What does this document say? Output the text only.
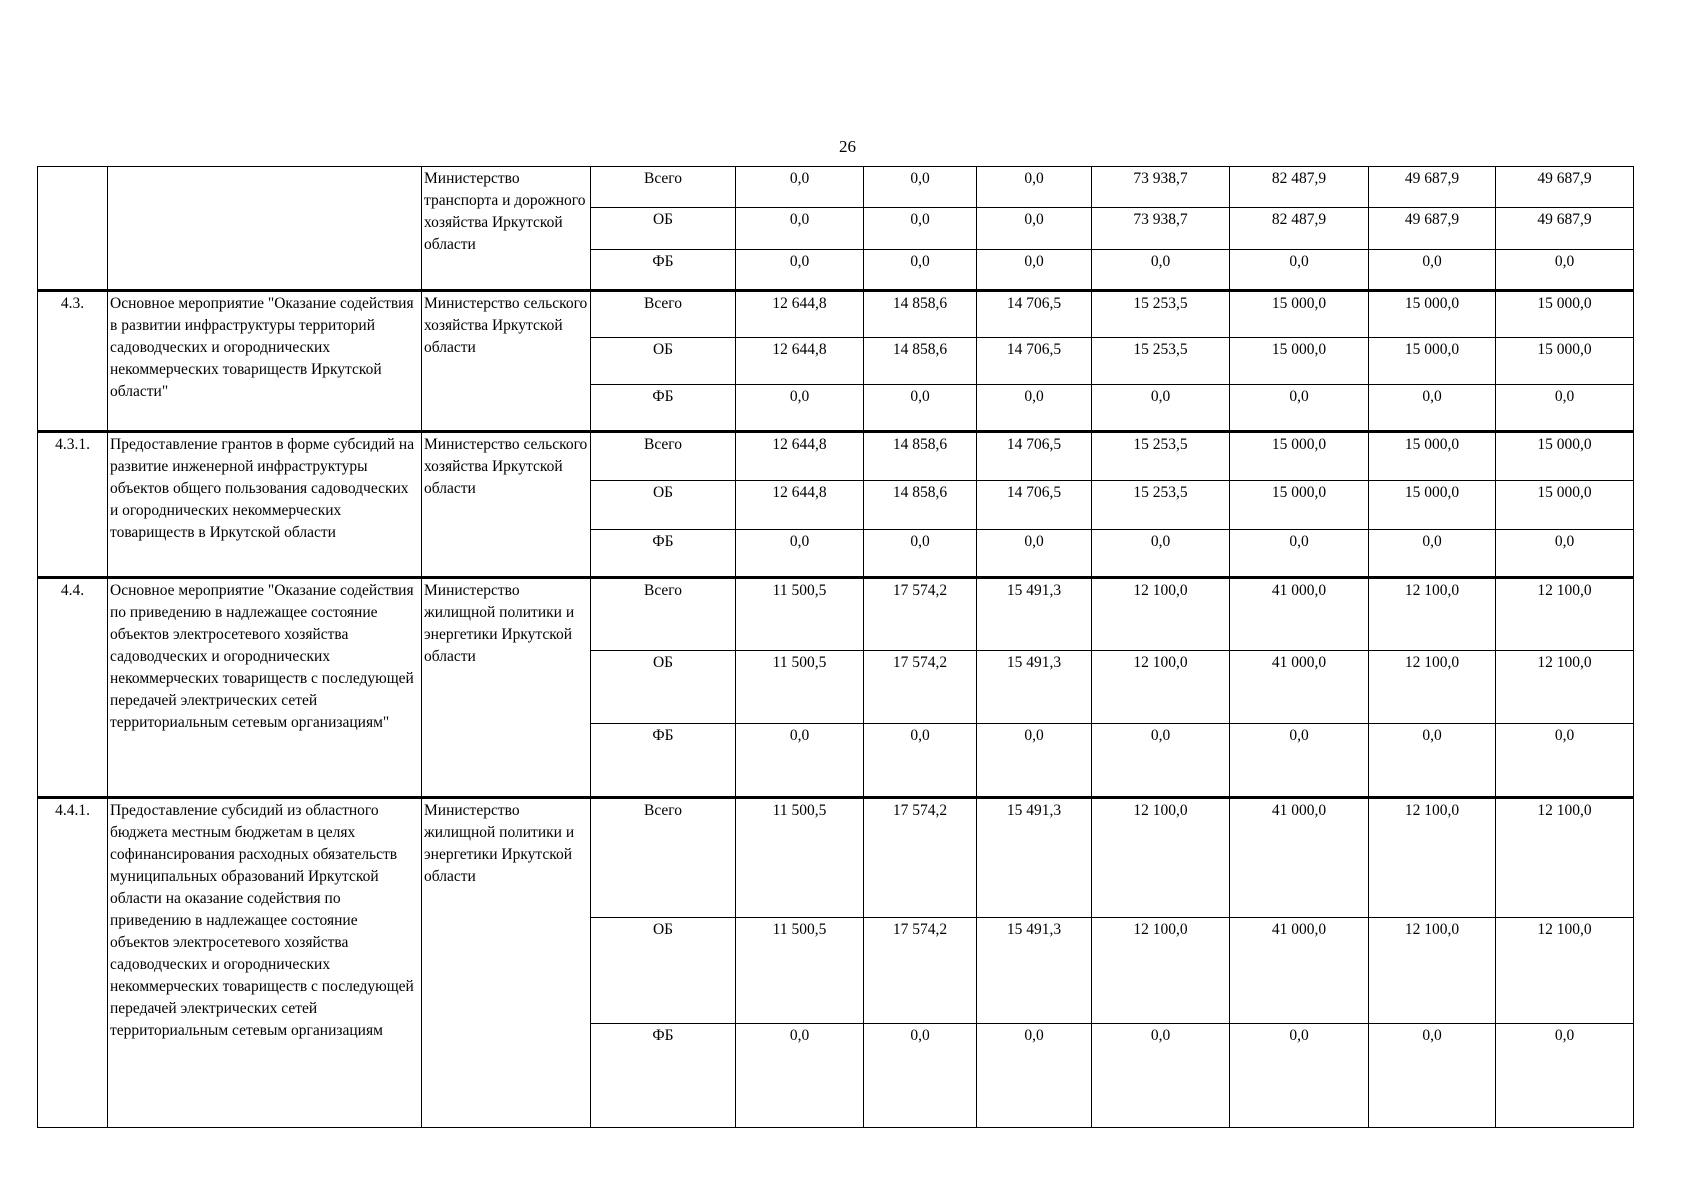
26
		Министерство транспорта и дорожного хозяйства Иркутской области	Всего	0,0	0,0	0,0	73 938,7	82 487,9	49 687,9	49 687,9
			ОБ	0,0	0,0	0,0	73 938,7	82 487,9	49 687,9	49 687,9
			ФБ	0,0	0,0	0,0	0,0	0,0	0,0	0,0
4.3.	Основное мероприятие "Оказание содействия в развитии инфраструктуры территорий садоводческих и огороднических некоммерческих товариществ Иркутской области"	Министерство сельского хозяйства Иркутской области	Всего	12 644,8	14 858,6	14 706,5	15 253,5	15 000,0	15 000,0	15 000,0
			ОБ	12 644,8	14 858,6	14 706,5	15 253,5	15 000,0	15 000,0	15 000,0
			ФБ	0,0	0,0	0,0	0,0	0,0	0,0	0,0
4.3.1.	Предоставление грантов в форме субсидий на развитие инженерной инфраструктуры объектов общего пользования садоводческих и огороднических некоммерческих товариществ в Иркутской области	Министерство сельского хозяйства Иркутской области	Всего	12 644,8	14 858,6	14 706,5	15 253,5	15 000,0	15 000,0	15 000,0
			ОБ	12 644,8	14 858,6	14 706,5	15 253,5	15 000,0	15 000,0	15 000,0
			ФБ	0,0	0,0	0,0	0,0	0,0	0,0	0,0
4.4.	Основное мероприятие "Оказание содействия по приведению в надлежащее состояние объектов электросетевого хозяйства садоводческих и огороднических некоммерческих товариществ с последующей передачей электрических сетей территориальным сетевым организациям"	Министерство жилищной политики и энергетики Иркутской области	Всего	11 500,5	17 574,2	15 491,3	12 100,0	41 000,0	12 100,0	12 100,0
			ОБ	11 500,5	17 574,2	15 491,3	12 100,0	41 000,0	12 100,0	12 100,0
			ФБ	0,0	0,0	0,0	0,0	0,0	0,0	0,0
4.4.1.	Предоставление субсидий из областного бюджета местным бюджетам в целях софинансирования расходных обязательств муниципальных образований Иркутской области на оказание содействия по приведению в надлежащее состояние объектов электросетевого хозяйства садоводческих и огороднических некоммерческих товариществ с последующей передачей электрических сетей территориальным сетевым организациям	Министерство жилищной политики и энергетики Иркутской области	Всего	11 500,5	17 574,2	15 491,3	12 100,0	41 000,0	12 100,0	12 100,0
			ОБ	11 500,5	17 574,2	15 491,3	12 100,0	41 000,0	12 100,0	12 100,0
			ФБ	0,0	0,0	0,0	0,0	0,0	0,0	0,0
